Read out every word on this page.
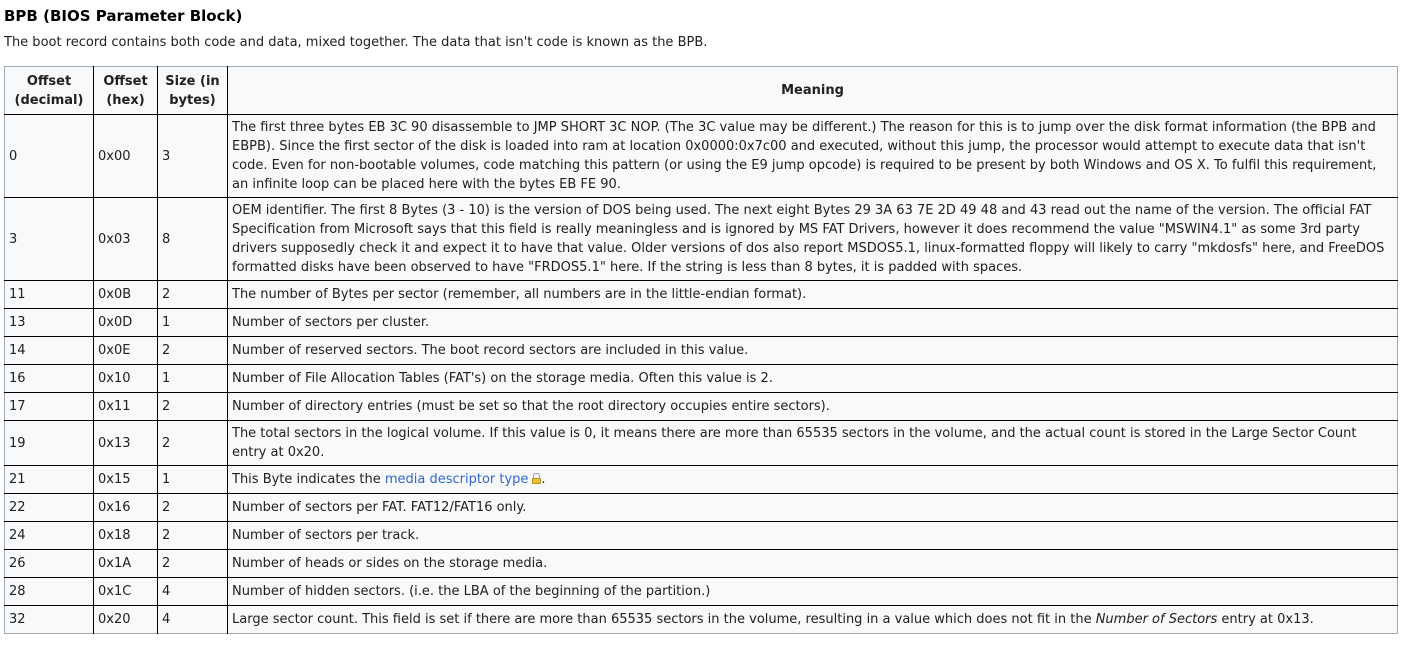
BPB (BIOS Parameter Block)

The boot record contains both code and data, mixed together. The data that isn't code is known as the BPB.

Offset (decimal)	Offset (hex)	Size (in bytes)	Meaning
0	0x00	3	The first three bytes EB 3C 90 disassemble to JMP SHORT 3C NOP. (The 3C value may be different.) The reason for this is to jump over the disk format information (the BPB and EBPB). Since the first sector of the disk is loaded into ram at location 0x0000:0x7c00 and executed, without this jump, the processor would attempt to execute data that isn't code. Even for non-bootable volumes, code matching this pattern (or using the E9 jump opcode) is required to be present by both Windows and OS X. To fulfil this requirement, an infinite loop can be placed here with the bytes EB FE 90.
3	0x03	8	OEM identifier. The first 8 Bytes (3 - 10) is the version of DOS being used. The next eight Bytes 29 3A 63 7E 2D 49 48 and 43 read out the name of the version. The official FAT Specification from Microsoft says that this field is really meaningless and is ignored by MS FAT Drivers, however it does recommend the value "MSWIN4.1" as some 3rd party drivers supposedly check it and expect it to have that value. Older versions of dos also report MSDOS5.1, linux-formatted floppy will likely to carry "mkdosfs" here, and FreeDOS formatted disks have been observed to have "FRDOS5.1" here. If the string is less than 8 bytes, it is padded with spaces.
11	0x0B	2	The number of Bytes per sector (remember, all numbers are in the little-endian format).
13	0x0D	1	Number of sectors per cluster.
14	0x0E	2	Number of reserved sectors. The boot record sectors are included in this value.
16	0x10	1	Number of File Allocation Tables (FAT's) on the storage media. Often this value is 2.
17	0x11	2	Number of directory entries (must be set so that the root directory occupies entire sectors).
19	0x13	2	The total sectors in the logical volume. If this value is 0, it means there are more than 65535 sectors in the volume, and the actual count is stored in the Large Sector Count entry at 0x20.
21	0x15	1	This Byte indicates the media descriptor type .
22	0x16	2	Number of sectors per FAT. FAT12/FAT16 only.
24	0x18	2	Number of sectors per track.
26	0x1A	2	Number of heads or sides on the storage media.
28	0x1C	4	Number of hidden sectors. (i.e. the LBA of the beginning of the partition.)
32	0x20	4	Large sector count. This field is set if there are more than 65535 sectors in the volume, resulting in a value which does not fit in the Number of Sectors entry at 0x13.
